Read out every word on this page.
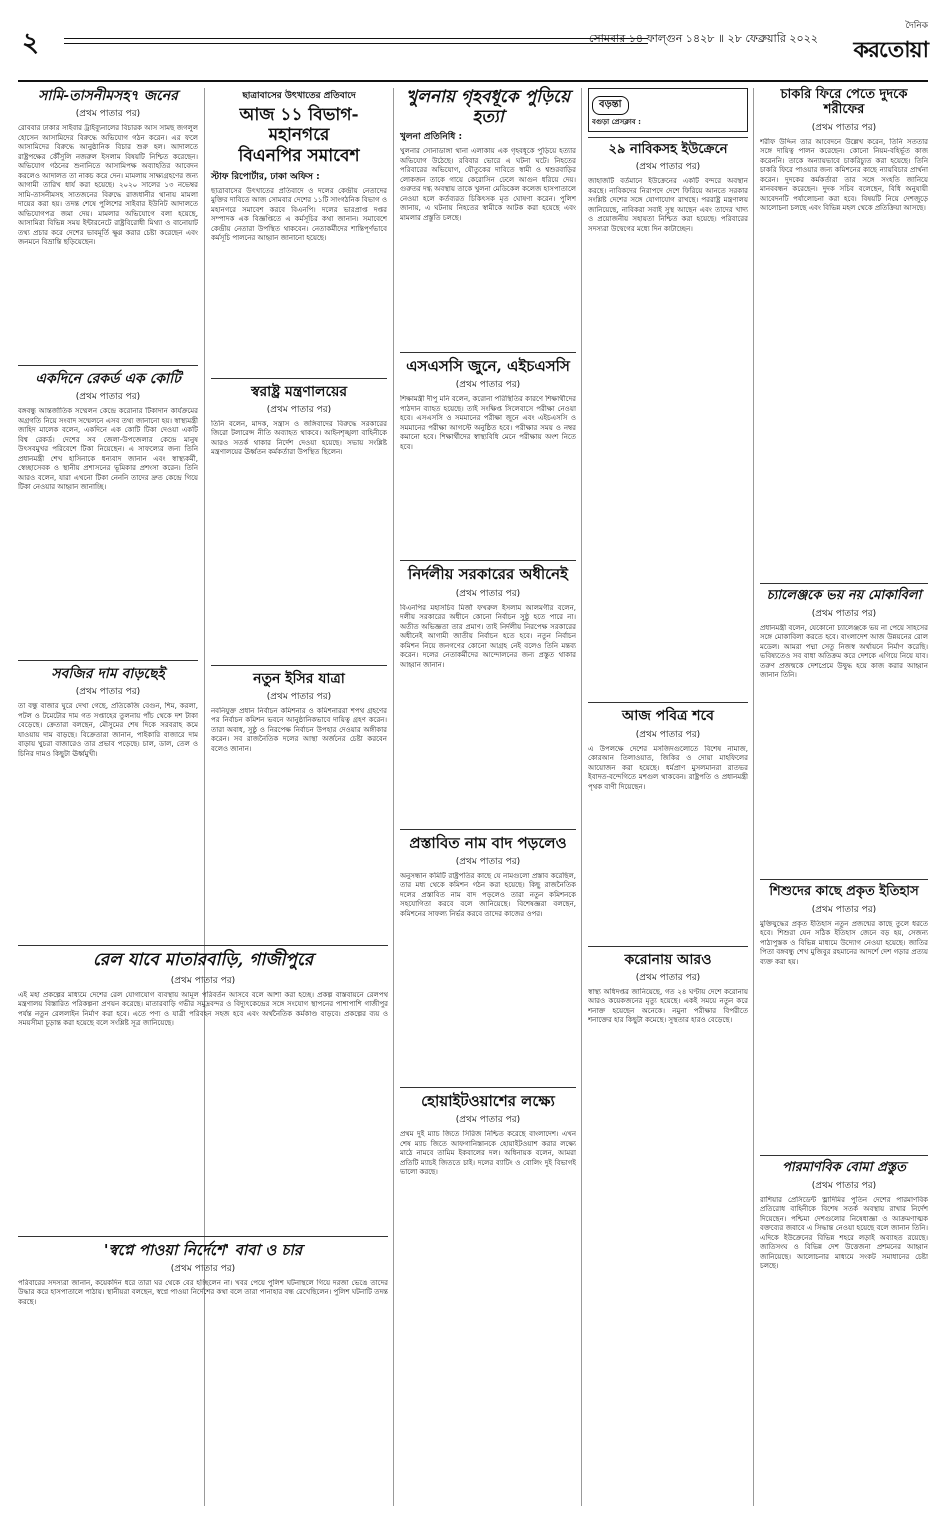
২	সোমবার ১৪ ফাল্গুন ১৪২৮ ॥ ২৮ ফেব্রুয়ারি ২০২২
দৈনিক
করতোয়া
সামি-তাসনীমসহ৭ জনের

(প্রথম পাতার পর)

রোববার ঢাকার সাইবার ট্রাইব্যুনালের বিচারক আস সামছ জগলুল হোসেন আসামিদের বিরুদ্ধে অভিযোগ গঠন করেন। এর ফলে আসামিদের বিরুদ্ধে আনুষ্ঠানিক বিচার শুরু হল। আদালতে রাষ্ট্রপক্ষের কৌঁসুলি নজরুল ইসলাম বিষয়টি নিশ্চিত করেছেন। অভিযোগ গঠনের শুনানিতে আসামিপক্ষ অব্যাহতির আবেদন করলেও আদালত তা নাকচ করে দেন। মামলায় সাক্ষ্যগ্রহণের জন্য আগামী তারিখ ধার্য করা হয়েছে। ২০২০ সালের ১৩ নভেম্বর সামি-তাসনীমসহ সাতজনের বিরুদ্ধে রাজধানীর থানায় মামলা দায়ের করা হয়। তদন্ত শেষে পুলিশের সাইবার ইউনিট আদালতে অভিযোগপত্র জমা দেয়। মামলার অভিযোগে বলা হয়েছে, আসামিরা বিভিন্ন সময় ইন্টারনেটে রাষ্ট্রবিরোধী মিথ্যা ও বানোয়াট তথ্য প্রচার করে দেশের ভাবমূর্তি ক্ষুণ্ণ করার চেষ্টা করেছেন এবং জনমনে বিভ্রান্তি ছড়িয়েছেন।

একদিনে রেকর্ড এক কোটি

(প্রথম পাতার পর)

বঙ্গবন্ধু আন্তর্জাতিক সম্মেলন কেন্দ্রে করোনার টিকাদান কার্যক্রমের অগ্রগতি নিয়ে সংবাদ সম্মেলনে এসব তথ্য জানানো হয়। স্বাস্থ্যমন্ত্রী জাহিদ মালেক বলেন, একদিনে এক কোটি টিকা দেওয়া একটি বিশ্ব রেকর্ড। দেশের সব জেলা-উপজেলার কেন্দ্রে মানুষ উৎসবমুখর পরিবেশে টিকা নিয়েছেন। এ সাফল্যের জন্য তিনি প্রধানমন্ত্রী শেখ হাসিনাকে ধন্যবাদ জানান এবং স্বাস্থ্যকর্মী, স্বেচ্ছাসেবক ও স্থানীয় প্রশাসনের ভূমিকার প্রশংসা করেন। তিনি আরও বলেন, যারা এখনো টিকা নেননি তাদের দ্রুত কেন্দ্রে গিয়ে টিকা নেওয়ার আহ্বান জানাচ্ছি।

সবজির দাম বাড়ছেই

(প্রথম পাতার পর)

তা বন্ধু বাজার ঘুরে দেখা গেছে, প্রতিকেজি বেগুন, শিম, করলা, পটল ও টমেটোর দাম গত সপ্তাহের তুলনায় পাঁচ থেকে দশ টাকা বেড়েছে। ক্রেতারা বলছেন, মৌসুমের শেষ দিকে সরবরাহ কমে যাওয়ায় দাম বাড়ছে। বিক্রেতারা জানান, পাইকারি বাজারে দাম বাড়ায় খুচরা বাজারেও তার প্রভাব পড়েছে। চাল, ডাল, তেল ও চিনির দামও কিছুটা ঊর্ধ্বমুখী।

রেল যাবে মাতারবাড়ি, গাজীপুরে

(প্রথম পাতার পর)

এই মহা প্রকল্পের মাধ্যমে দেশের রেল যোগাযোগ ব্যবস্থায় আমূল পরিবর্তন আসবে বলে আশা করা হচ্ছে। প্রকল্প বাস্তবায়নে রেলপথ মন্ত্রণালয় বিস্তারিত পরিকল্পনা প্রণয়ন করেছে। মাতারবাড়ি গভীর সমুদ্রবন্দর ও বিদ্যুৎকেন্দ্রের সঙ্গে সংযোগ স্থাপনের পাশাপাশি গাজীপুর পর্যন্ত নতুন রেললাইন নির্মাণ করা হবে। এতে পণ্য ও যাত্রী পরিবহন সহজ হবে এবং অর্থনৈতিক কর্মকাণ্ড বাড়বে। প্রকল্পের ব্যয় ও সময়সীমা চূড়ান্ত করা হয়েছে বলে সংশ্লিষ্ট সূত্র জানিয়েছে।

'স্বপ্নে পাওয়া নির্দেশে' বাবা ও চার

(প্রথম পাতার পর)

পরিবারের সদস্যরা জানান, কয়েকদিন ধরে তারা ঘর থেকে বের হচ্ছিলেন না। খবর পেয়ে পুলিশ ঘটনাস্থলে গিয়ে দরজা ভেঙে তাদের উদ্ধার করে হাসপাতালে পাঠায়। স্থানীয়রা বলছেন, স্বপ্নে পাওয়া নির্দেশের কথা বলে তারা পানাহার বন্ধ রেখেছিলেন। পুলিশ ঘটনাটি তদন্ত করছে।

ছাত্রাবাসের উৎখাতের প্রতিবাদে

আজ ১১ বিভাগ-মহানগরে
বিএনপির সমাবেশ

স্টাফ রিপোর্টার, ঢাকা অফিস :

ছাত্রাবাসের উৎখাতের প্রতিবাদে ও দলের কেন্দ্রীয় নেতাদের মুক্তির দাবিতে আজ সোমবার দেশের ১১টি সাংগঠনিক বিভাগ ও মহানগরে সমাবেশ করবে বিএনপি। দলের ভারপ্রাপ্ত দপ্তর সম্পাদক এক বিজ্ঞপ্তিতে এ কর্মসূচির কথা জানান। সমাবেশে কেন্দ্রীয় নেতারা উপস্থিত থাকবেন। নেতাকর্মীদের শান্তিপূর্ণভাবে কর্মসূচি পালনের আহ্বান জানানো হয়েছে।

স্বরাষ্ট্র মন্ত্রণালয়ের

(প্রথম পাতার পর)

তিনি বলেন, মাদক, সন্ত্রাস ও জঙ্গিবাদের বিরুদ্ধে সরকারের জিরো টলারেন্স নীতি অব্যাহত থাকবে। আইনশৃঙ্খলা বাহিনীকে আরও সতর্ক থাকার নির্দেশ দেওয়া হয়েছে। সভায় সংশ্লিষ্ট মন্ত্রণালয়ের ঊর্ধ্বতন কর্মকর্তারা উপস্থিত ছিলেন।

নতুন ইসির যাত্রা

(প্রথম পাতার পর)

নবনিযুক্ত প্রধান নির্বাচন কমিশনার ও কমিশনাররা শপথ গ্রহণের পর নির্বাচন কমিশন ভবনে আনুষ্ঠানিকভাবে দায়িত্ব গ্রহণ করেন। তারা অবাধ, সুষ্ঠু ও নিরপেক্ষ নির্বাচন উপহার দেওয়ার অঙ্গীকার করেন। সব রাজনৈতিক দলের আস্থা অর্জনের চেষ্টা করবেন বলেও জানান।

খুলনায় গৃহবধূকে পুড়িয়ে হত্যা

খুলনা প্রতিনিধি :

খুলনার সোনাডাঙ্গা থানা এলাকায় এক গৃহবধূকে পুড়িয়ে হত্যার অভিযোগ উঠেছে। রবিবার ভোরে এ ঘটনা ঘটে। নিহতের পরিবারের অভিযোগ, যৌতুকের দাবিতে স্বামী ও শ্বশুরবাড়ির লোকজন তাকে গায়ে কেরোসিন ঢেলে আগুন ধরিয়ে দেয়। গুরুতর দগ্ধ অবস্থায় তাকে খুলনা মেডিকেল কলেজ হাসপাতালে নেওয়া হলে কর্তব্যরত চিকিৎসক মৃত ঘোষণা করেন। পুলিশ জানায়, এ ঘটনায় নিহতের স্বামীকে আটক করা হয়েছে এবং মামলার প্রস্তুতি চলছে।

এসএসসি জুনে, এইচএসসি

(প্রথম পাতার পর)

শিক্ষামন্ত্রী দীপু মনি বলেন, করোনা পরিস্থিতির কারণে শিক্ষার্থীদের পাঠদান ব্যাহত হয়েছে। তাই সংক্ষিপ্ত সিলেবাসে পরীক্ষা নেওয়া হবে। এসএসসি ও সমমানের পরীক্ষা জুনে এবং এইচএসসি ও সমমানের পরীক্ষা আগস্টে অনুষ্ঠিত হবে। পরীক্ষার সময় ও নম্বর কমানো হবে। শিক্ষার্থীদের স্বাস্থ্যবিধি মেনে পরীক্ষায় অংশ নিতে হবে।

নির্দলীয় সরকারের অধীনেই

(প্রথম পাতার পর)

বিএনপির মহাসচিব মির্জা ফখরুল ইসলাম আলমগীর বলেন, দলীয় সরকারের অধীনে কোনো নির্বাচন সুষ্ঠু হতে পারে না। অতীত অভিজ্ঞতা তার প্রমাণ। তাই নির্দলীয় নিরপেক্ষ সরকারের অধীনেই আগামী জাতীয় নির্বাচন হতে হবে। নতুন নির্বাচন কমিশন নিয়ে জনগণের কোনো আগ্রহ নেই বলেও তিনি মন্তব্য করেন। দলের নেতাকর্মীদের আন্দোলনের জন্য প্রস্তুত থাকার আহ্বান জানান।

প্রস্তাবিত নাম বাদ পড়লেও

(প্রথম পাতার পর)

অনুসন্ধান কমিটি রাষ্ট্রপতির কাছে যে নামগুলো প্রস্তাব করেছিল, তার মধ্য থেকে কমিশন গঠন করা হয়েছে। কিছু রাজনৈতিক দলের প্রস্তাবিত নাম বাদ পড়লেও তারা নতুন কমিশনকে সহযোগিতা করবে বলে জানিয়েছে। বিশেষজ্ঞরা বলছেন, কমিশনের সাফল্য নির্ভর করবে তাদের কাজের ওপর।

হোয়াইটওয়াশের লক্ষ্যে

(প্রথম পাতার পর)

প্রথম দুই ম্যাচ জিতে সিরিজ নিশ্চিত করেছে বাংলাদেশ। এখন শেষ ম্যাচ জিতে আফগানিস্তানকে হোয়াইটওয়াশ করার লক্ষ্যে মাঠে নামবে তামিম ইকবালের দল। অধিনায়ক বলেন, আমরা প্রতিটি ম্যাচই জিততে চাই। দলের ব্যাটিং ও বোলিং দুই বিভাগই ভালো করছে।

বড়ন্তা

বগুড়া প্রেসক্লাব :

২৯ নাবিকসহ ইউক্রেনে

(প্রথম পাতার পর)

জাহাজটি বর্তমানে ইউক্রেনের একটি বন্দরে অবস্থান করছে। নাবিকদের নিরাপদে দেশে ফিরিয়ে আনতে সরকার সংশ্লিষ্ট দেশের সঙ্গে যোগাযোগ রাখছে। পররাষ্ট্র মন্ত্রণালয় জানিয়েছে, নাবিকরা সবাই সুস্থ আছেন এবং তাদের খাদ্য ও প্রয়োজনীয় সহায়তা নিশ্চিত করা হয়েছে। পরিবারের সদস্যরা উদ্বেগের মধ্যে দিন কাটাচ্ছেন।

আজ পবিত্র শবে

(প্রথম পাতার পর)

এ উপলক্ষে দেশের মসজিদগুলোতে বিশেষ নামাজ, কোরআন তিলাওয়াত, জিকির ও দোয়া মাহফিলের আয়োজন করা হয়েছে। ধর্মপ্রাণ মুসলমানরা রাতভর ইবাদত-বন্দেগিতে মশগুল থাকবেন। রাষ্ট্রপতি ও প্রধানমন্ত্রী পৃথক বাণী দিয়েছেন।

করোনায় আরও

(প্রথম পাতার পর)

স্বাস্থ্য অধিদপ্তর জানিয়েছে, গত ২৪ ঘণ্টায় দেশে করোনায় আরও কয়েকজনের মৃত্যু হয়েছে। একই সময়ে নতুন করে শনাক্ত হয়েছেন অনেকে। নমুনা পরীক্ষার বিপরীতে শনাক্তের হার কিছুটা কমেছে। সুস্থতার হারও বেড়েছে।

চাকরি ফিরে পেতে দুদকে শরীফের

(প্রথম পাতার পর)

শরীফ উদ্দিন তার আবেদনে উল্লেখ করেন, তিনি সততার সঙ্গে দায়িত্ব পালন করেছেন। কোনো নিয়ম-বহির্ভূত কাজ করেননি। তাকে অন্যায়ভাবে চাকরিচ্যুত করা হয়েছে। তিনি চাকরি ফিরে পাওয়ার জন্য কমিশনের কাছে ন্যায়বিচার প্রার্থনা করেন। দুদকের কর্মকর্তারা তার সঙ্গে সংহতি জানিয়ে মানববন্ধন করেছেন। দুদক সচিব বলেছেন, বিধি অনুযায়ী আবেদনটি পর্যালোচনা করা হবে। বিষয়টি নিয়ে দেশজুড়ে আলোচনা চলছে এবং বিভিন্ন মহল থেকে প্রতিক্রিয়া আসছে।

চ্যালেঞ্জকে ভয় নয় মোকাবিলা

(প্রথম পাতার পর)

প্রধানমন্ত্রী বলেন, যেকোনো চ্যালেঞ্জকে ভয় না পেয়ে সাহসের সঙ্গে মোকাবিলা করতে হবে। বাংলাদেশ আজ উন্নয়নের রোল মডেল। আমরা পদ্মা সেতু নিজস্ব অর্থায়নে নির্মাণ করেছি। ভবিষ্যতেও সব বাধা অতিক্রম করে দেশকে এগিয়ে নিয়ে যাব। তরুণ প্রজন্মকে দেশপ্রেমে উদ্বুদ্ধ হয়ে কাজ করার আহ্বান জানান তিনি।

শিশুদের কাছে প্রকৃত ইতিহাস

(প্রথম পাতার পর)

মুক্তিযুদ্ধের প্রকৃত ইতিহাস নতুন প্রজন্মের কাছে তুলে ধরতে হবে। শিশুরা যেন সঠিক ইতিহাস জেনে বড় হয়, সেজন্য পাঠ্যপুস্তক ও বিভিন্ন মাধ্যমে উদ্যোগ নেওয়া হয়েছে। জাতির পিতা বঙ্গবন্ধু শেখ মুজিবুর রহমানের আদর্শে দেশ গড়ার প্রত্যয় ব্যক্ত করা হয়।

পারমাণবিক বোমা প্রস্তুত

(প্রথম পাতার পর)

রাশিয়ার প্রেসিডেন্ট ভ্লাদিমির পুতিন দেশের পারমাণবিক প্রতিরোধ বাহিনীকে বিশেষ সতর্ক অবস্থায় রাখার নির্দেশ দিয়েছেন। পশ্চিমা দেশগুলোর নিষেধাজ্ঞা ও আক্রমণাত্মক বক্তব্যের জবাবে এ সিদ্ধান্ত নেওয়া হয়েছে বলে জানান তিনি। এদিকে ইউক্রেনের বিভিন্ন শহরে লড়াই অব্যাহত রয়েছে। জাতিসংঘ ও বিভিন্ন দেশ উত্তেজনা প্রশমনের আহ্বান জানিয়েছে। আলোচনার মাধ্যমে সংকট সমাধানের চেষ্টা চলছে।
